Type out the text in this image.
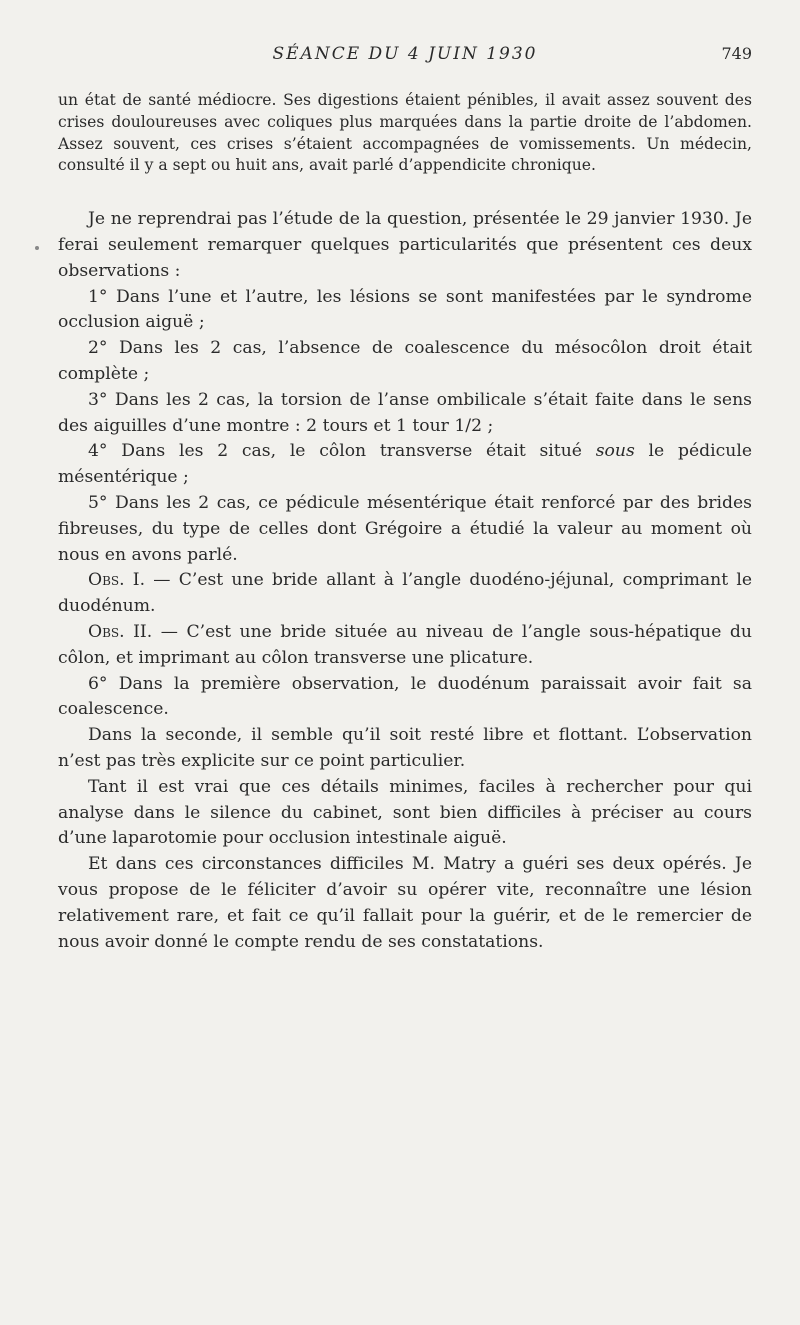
SÉANCE DU 4 JUIN 1930	749

un état de santé médiocre. Ses digestions étaient pénibles, il avait assez souvent des crises douloureuses avec coliques plus marquées dans la partie droite de l’abdomen. Assez souvent, ces crises s’étaient accompagnées de vomissements. Un médecin, consulté il y a sept ou huit ans, avait parlé d’appendicite chronique.

Je ne reprendrai pas l’étude de la question, présentée le 29 janvier 1930. Je ferai seulement remarquer quelques particularités que présentent ces deux observations :

1° Dans l’une et l’autre, les lésions se sont manifestées par le syndrome occlusion aiguë ;

2° Dans les 2 cas, l’absence de coalescence du mésocôlon droit était complète ;

3° Dans les 2 cas, la torsion de l’anse ombilicale s’était faite dans le sens des aiguilles d’une montre : 2 tours et 1 tour 1/2 ;

4° Dans les 2 cas, le côlon transverse était situé sous le pédicule mésentérique ;

5° Dans les 2 cas, ce pédicule mésentérique était renforcé par des brides fibreuses, du type de celles dont Grégoire a étudié la valeur au moment où nous en avons parlé.

Obs. I. — C’est une bride allant à l’angle duodéno-jéjunal, comprimant le duodénum.

Obs. II. — C’est une bride située au niveau de l’angle sous-hépatique du côlon, et imprimant au côlon transverse une plicature.

6° Dans la première observation, le duodénum paraissait avoir fait sa coalescence.

Dans la seconde, il semble qu’il soit resté libre et flottant. L’observation n’est pas très explicite sur ce point particulier.

Tant il est vrai que ces détails minimes, faciles à rechercher pour qui analyse dans le silence du cabinet, sont bien difficiles à préciser au cours d’une laparotomie pour occlusion intestinale aiguë.

Et dans ces circonstances difficiles M. Matry a guéri ses deux opérés. Je vous propose de le féliciter d’avoir su opérer vite, reconnaître une lésion relativement rare, et fait ce qu’il fallait pour la guérir, et de le remercier de nous avoir donné le compte rendu de ses constatations.
